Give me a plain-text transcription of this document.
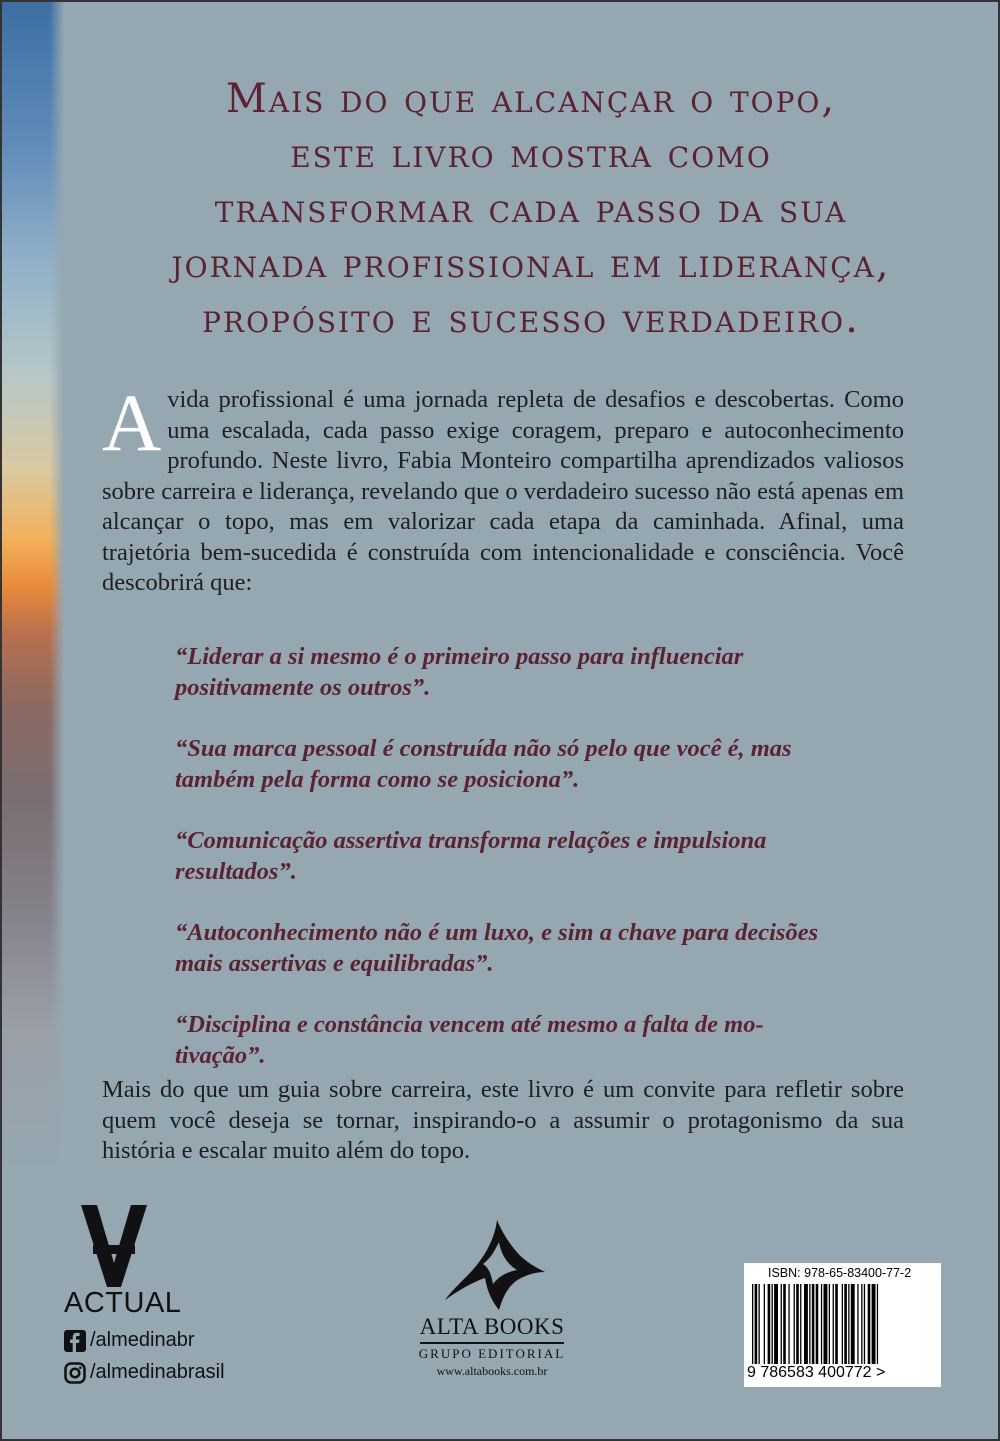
Mais do que alcançar o topo,
este livro mostra como
transformar cada passo da sua
jornada profissional em liderança,
propósito e sucesso verdadeiro.
A vida profissional é uma jornada repleta de desafios e descobertas. Como uma escalada, cada passo exige coragem, preparo e autoconhecimento profundo. Neste livro, Fabia Monteiro compartilha aprendizados valiosos sobre carreira e liderança, revelando que o verdadeiro sucesso não está apenas em alcançar o topo, mas em valorizar cada etapa da caminhada. Afinal, uma trajetória bem-sucedida é construída com intencionalidade e consciência. Você descobrirá que:

“Liderar a si mesmo é o primeiro passo para influenciar positivamente os outros”.

“Sua marca pessoal é construída não só pelo que você é, mas também pela forma como se posiciona”.

“Comunicação assertiva transforma relações e impulsiona resultados”.

“Autoconhecimento não é um luxo, e sim a chave para decisões mais assertivas e equilibradas”.

“Disciplina e constância vencem até mesmo a falta de motivação”.

Mais do que um guia sobre carreira, este livro é um convite para refletir sobre quem você deseja se tornar, inspirando-o a assumir o protagonismo da sua história e escalar muito além do topo.
ACTUAL
/almedinabr
/almedinabrasil
ALTA BOOKS
GRUPO EDITORIAL
www.altabooks.com.br
ISBN: 978-65-83400-77-2
9 786583 400772 >
